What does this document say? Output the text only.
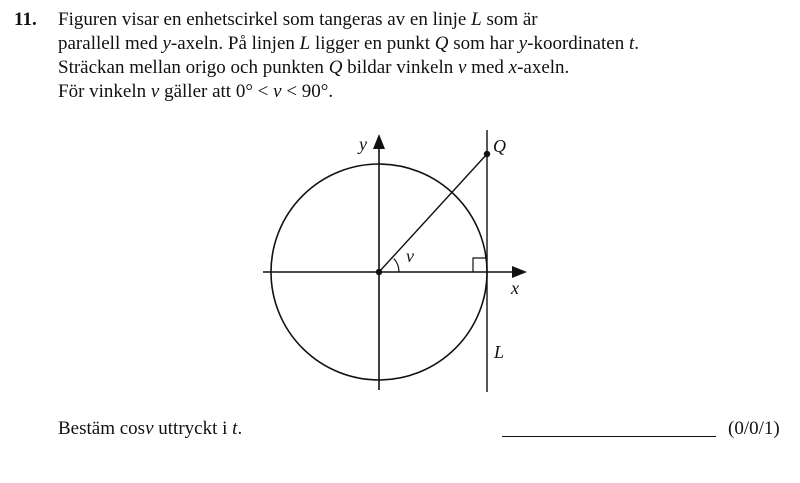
11. Figuren visar en enhetscirkel som tangeras av en linje L som är
parallell med y-axeln. På linjen L ligger en punkt Q som har y-koordinaten t.
Sträckan mellan origo och punkten Q bildar vinkeln v med x-axeln.
För vinkeln v gäller att 0° < v < 90°.
y	Q
v
x
L
Bestäm cosv uttryckt i t.	(0/0/1)
